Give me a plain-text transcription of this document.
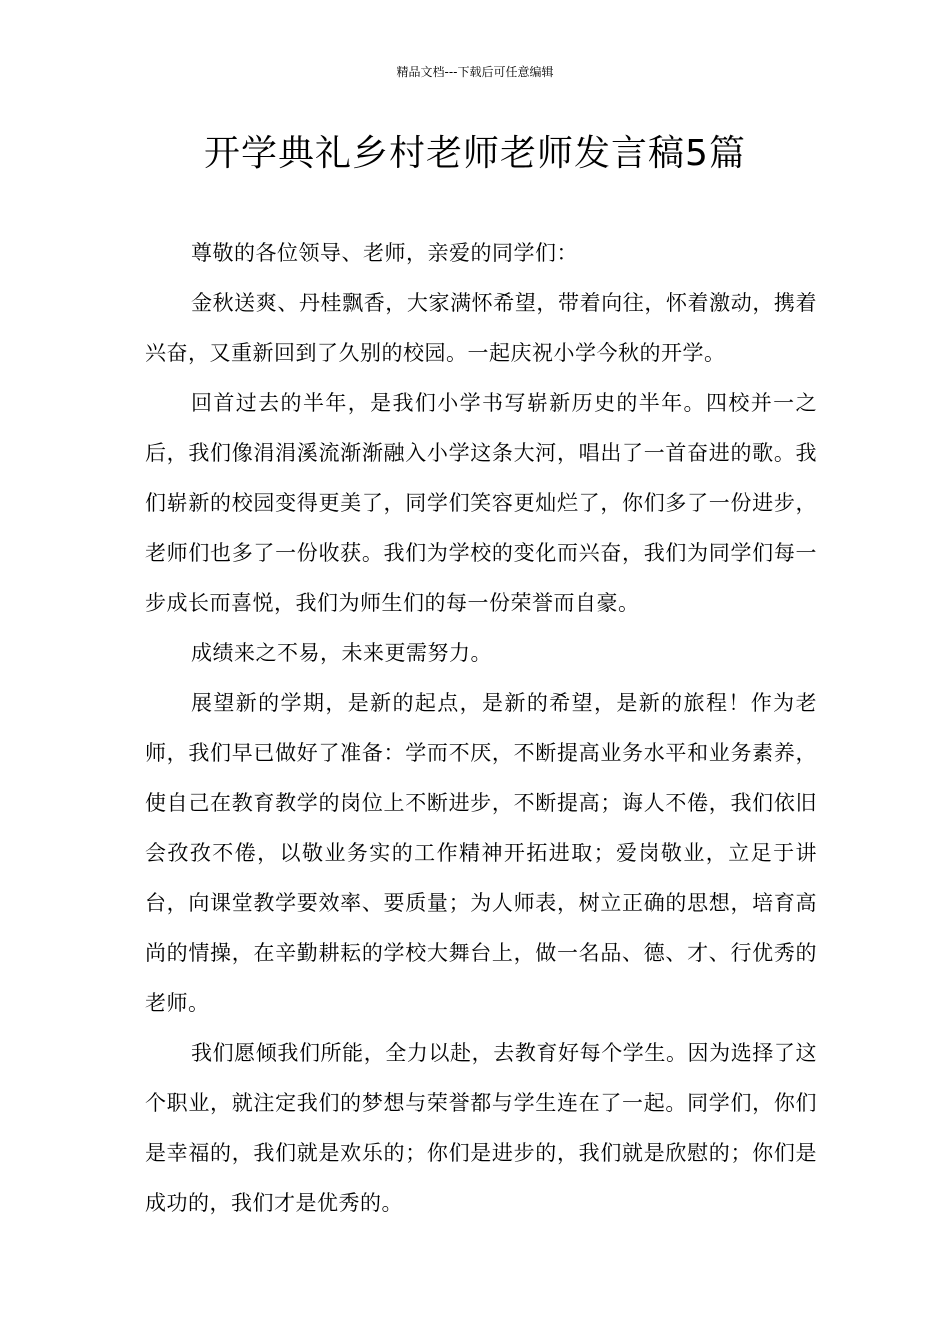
精品文档---下载后可任意编辑
开学典礼乡村老师老师发言稿5篇

尊敬的各位领导、老师，亲爱的同学们：

金秋送爽、丹桂飘香，大家满怀希望，带着向往，怀着激动，携着兴奋，又重新回到了久别的校园。一起庆祝小学今秋的开学。

回首过去的半年，是我们小学书写崭新历史的半年。四校并一之后，我们像涓涓溪流渐渐融入小学这条大河，唱出了一首奋进的歌。我们崭新的校园变得更美了，同学们笑容更灿烂了，你们多了一份进步，老师们也多了一份收获。我们为学校的变化而兴奋，我们为同学们每一步成长而喜悦，我们为师生们的每一份荣誉而自豪。

成绩来之不易，未来更需努力。

展望新的学期，是新的起点，是新的希望，是新的旅程！作为老师，我们早已做好了准备：学而不厌，不断提高业务水平和业务素养，使自己在教育教学的岗位上不断进步，不断提高；诲人不倦，我们依旧会孜孜不倦，以敬业务实的工作精神开拓进取；爱岗敬业，立足于讲台，向课堂教学要效率、要质量；为人师表，树立正确的思想，培育高尚的情操，在辛勤耕耘的学校大舞台上，做一名品、德、才、行优秀的老师。

我们愿倾我们所能，全力以赴，去教育好每个学生。因为选择了这个职业，就注定我们的梦想与荣誉都与学生连在了一起。同学们，你们是幸福的，我们就是欢乐的；你们是进步的，我们就是欣慰的；你们是成功的，我们才是优秀的。
